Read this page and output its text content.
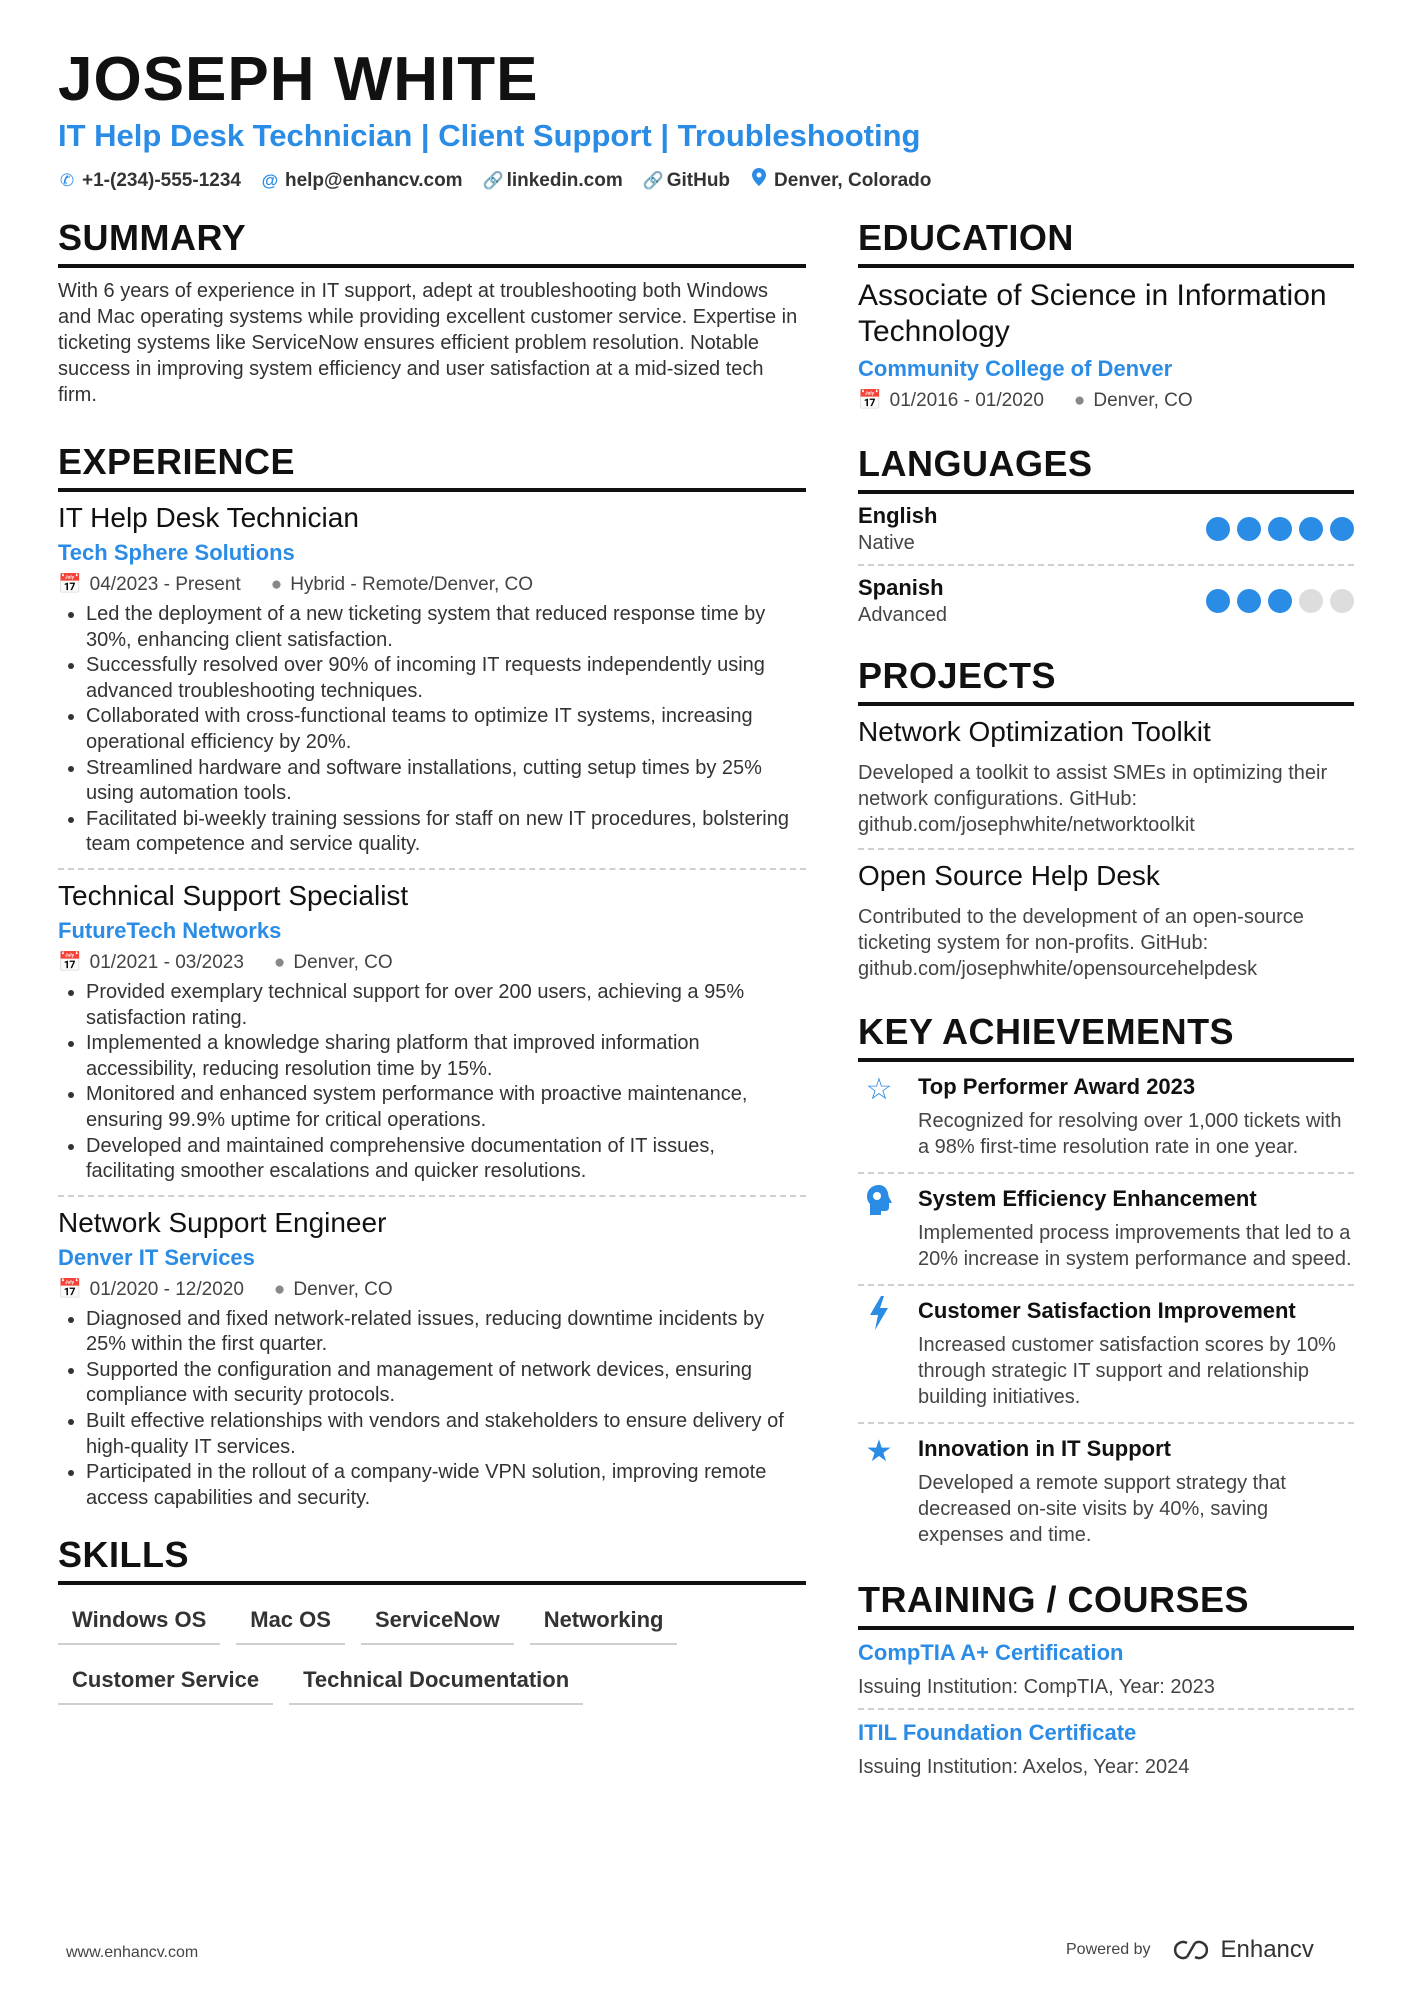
JOSEPH WHITE
IT Help Desk Technician | Client Support | Troubleshooting
✆ +1-(234)-555-1234 @ help@enhancv.com 🔗 linkedin.com 🔗 GitHub Denver, Colorado
SUMMARY
With 6 years of experience in IT support, adept at troubleshooting both Windows and Mac operating systems while providing excellent customer service. Expertise in ticketing systems like ServiceNow ensures efficient problem resolution. Notable success in improving system efficiency and user satisfaction at a mid-sized tech firm.
EXPERIENCE
IT Help Desk Technician
Tech Sphere Solutions
📅 04/2023 - Present ● Hybrid - Remote/Denver, CO
• Led the deployment of a new ticketing system that reduced response time by 30%, enhancing client satisfaction.
• Successfully resolved over 90% of incoming IT requests independently using advanced troubleshooting techniques.
• Collaborated with cross-functional teams to optimize IT systems, increasing operational efficiency by 20%.
• Streamlined hardware and software installations, cutting setup times by 25% using automation tools.
• Facilitated bi-weekly training sessions for staff on new IT procedures, bolstering team competence and service quality.
Technical Support Specialist
FutureTech Networks
📅 01/2021 - 03/2023 ● Denver, CO
• Provided exemplary technical support for over 200 users, achieving a 95% satisfaction rating.
• Implemented a knowledge sharing platform that improved information accessibility, reducing resolution time by 15%.
• Monitored and enhanced system performance with proactive maintenance, ensuring 99.9% uptime for critical operations.
• Developed and maintained comprehensive documentation of IT issues, facilitating smoother escalations and quicker resolutions.
Network Support Engineer
Denver IT Services
📅 01/2020 - 12/2020 ● Denver, CO
• Diagnosed and fixed network-related issues, reducing downtime incidents by 25% within the first quarter.
• Supported the configuration and management of network devices, ensuring compliance with security protocols.
• Built effective relationships with vendors and stakeholders to ensure delivery of high-quality IT services.
• Participated in the rollout of a company-wide VPN solution, improving remote access capabilities and security.
SKILLS
Windows OS	Mac OS	ServiceNow	Networking
Customer Service	Technical Documentation
EDUCATION
Associate of Science in Information Technology
Community College of Denver
📅 01/2016 - 01/2020 ● Denver, CO
LANGUAGES
English
Native
Spanish
Advanced
PROJECTS
Network Optimization Toolkit
Developed a toolkit to assist SMEs in optimizing their network configurations. GitHub: github.com/josephwhite/networktoolkit
Open Source Help Desk
Contributed to the development of an open-source ticketing system for non-profits. GitHub: github.com/josephwhite/opensourcehelpdesk
KEY ACHIEVEMENTS
☆	Top Performer Award 2023
Recognized for resolving over 1,000 tickets with a 98% first-time resolution rate in one year.
System Efficiency Enhancement
Implemented process improvements that led to a 20% increase in system performance and speed.
Customer Satisfaction Improvement
Increased customer satisfaction scores by 10% through strategic IT support and relationship building initiatives.
★	Innovation in IT Support
Developed a remote support strategy that decreased on-site visits by 40%, saving expenses and time.
TRAINING / COURSES
CompTIA A+ Certification
Issuing Institution: CompTIA, Year: 2023
ITIL Foundation Certificate
Issuing Institution: Axelos, Year: 2024
www.enhancv.com	Powered by	Enhancv
